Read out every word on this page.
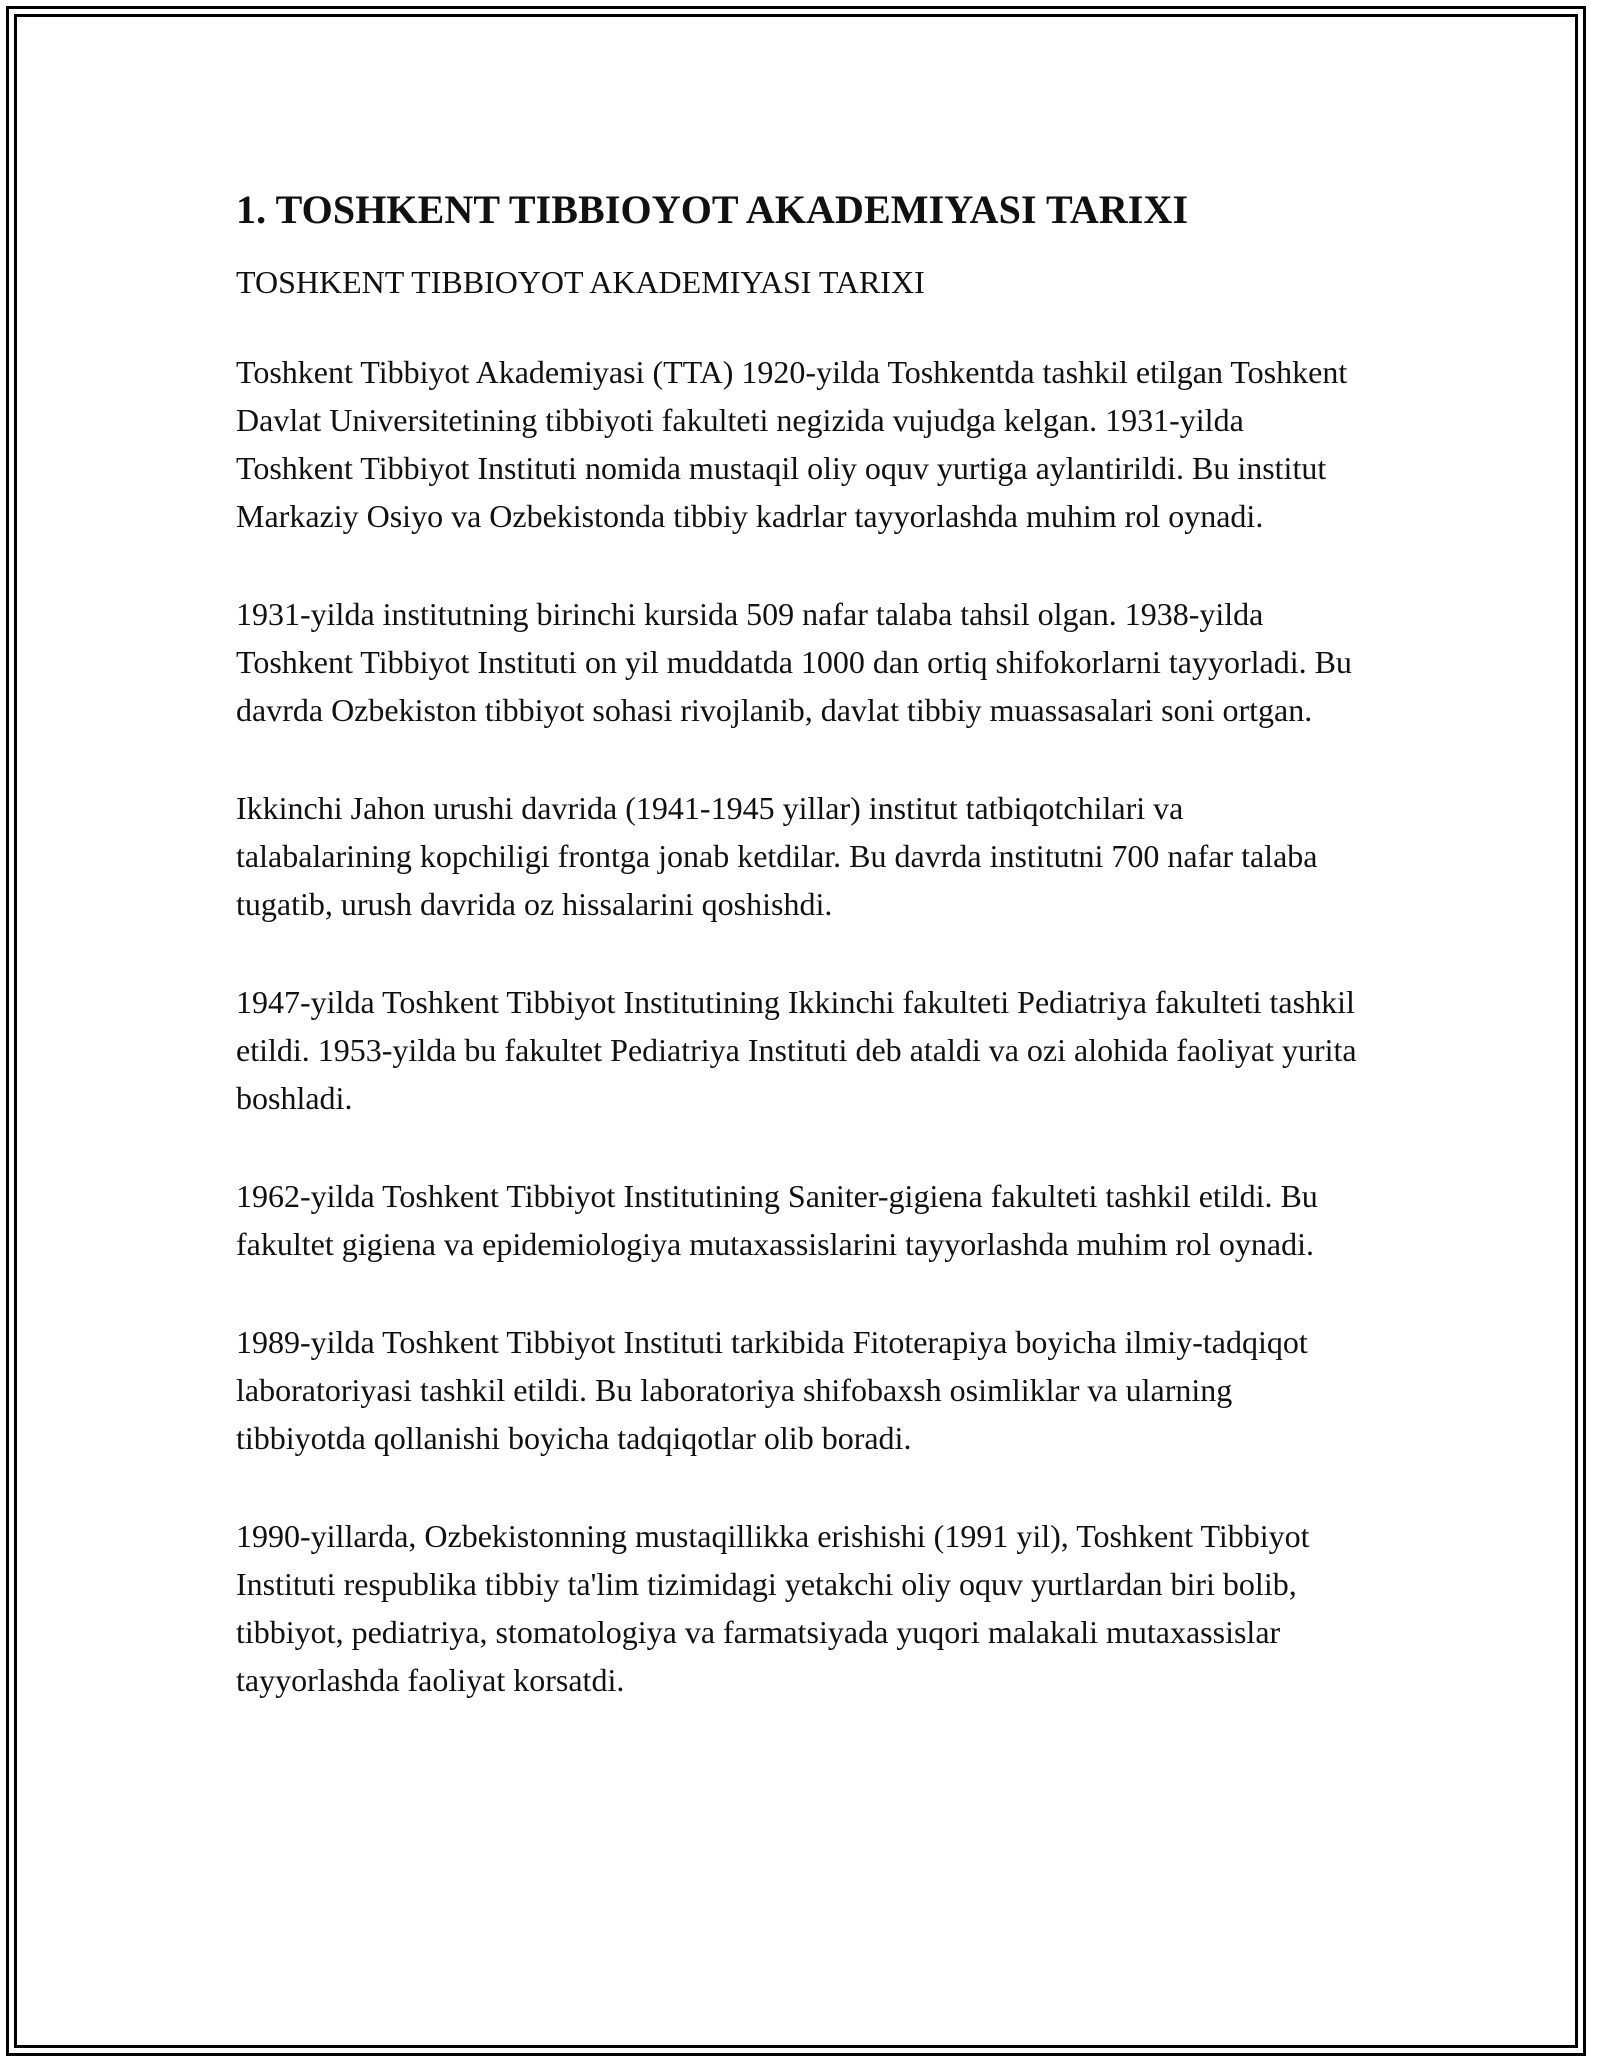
1. TOSHKENT TIBBIOYOT AKADEMIYASI TARIXI
TOSHKENT TIBBIOYOT AKADEMIYASI TARIXI

Toshkent Tibbiyot Akademiyasi (TTA) 1920-yilda Toshkentda tashkil etilgan Toshkent Davlat Universitetining tibbiyoti fakulteti negizida vujudga kelgan. 1931-yilda Toshkent Tibbiyot Instituti nomida mustaqil oliy oquv yurtiga aylantirildi. Bu institut Markaziy Osiyo va Ozbekistonda tibbiy kadrlar tayyorlashda muhim rol oynadi.

1931-yilda institutning birinchi kursida 509 nafar talaba tahsil olgan. 1938-yilda Toshkent Tibbiyot Instituti on yil muddatda 1000 dan ortiq shifokorlarni tayyorladi. Bu davrda Ozbekiston tibbiyot sohasi rivojlanib, davlat tibbiy muassasalari soni ortgan.

Ikkinchi Jahon urushi davrida (1941-1945 yillar) institut tatbiqotchilari va talabalarining kopchiligi frontga jonab ketdilar. Bu davrda institutni 700 nafar talaba tugatib, urush davrida oz hissalarini qoshishdi.

1947-yilda Toshkent Tibbiyot Institutining Ikkinchi fakulteti Pediatriya fakulteti tashkil etildi. 1953-yilda bu fakultet Pediatriya Instituti deb ataldi va ozi alohida faoliyat yurita boshladi.

1962-yilda Toshkent Tibbiyot Institutining Saniter-gigiena fakulteti tashkil etildi. Bu fakultet gigiena va epidemiologiya mutaxassislarini tayyorlashda muhim rol oynadi.

1989-yilda Toshkent Tibbiyot Instituti tarkibida Fitoterapiya boyicha ilmiy-tadqiqot laboratoriyasi tashkil etildi. Bu laboratoriya shifobaxsh osimliklar va ularning tibbiyotda qollanishi boyicha tadqiqotlar olib boradi.

1990-yillarda, Ozbekistonning mustaqillikka erishishi (1991 yil), Toshkent Tibbiyot Instituti respublika tibbiy ta'lim tizimidagi yetakchi oliy oquv yurtlardan biri bolib, tibbiyot, pediatriya, stomatologiya va farmatsiyada yuqori malakali mutaxassislar tayyorlashda faoliyat korsatdi.
